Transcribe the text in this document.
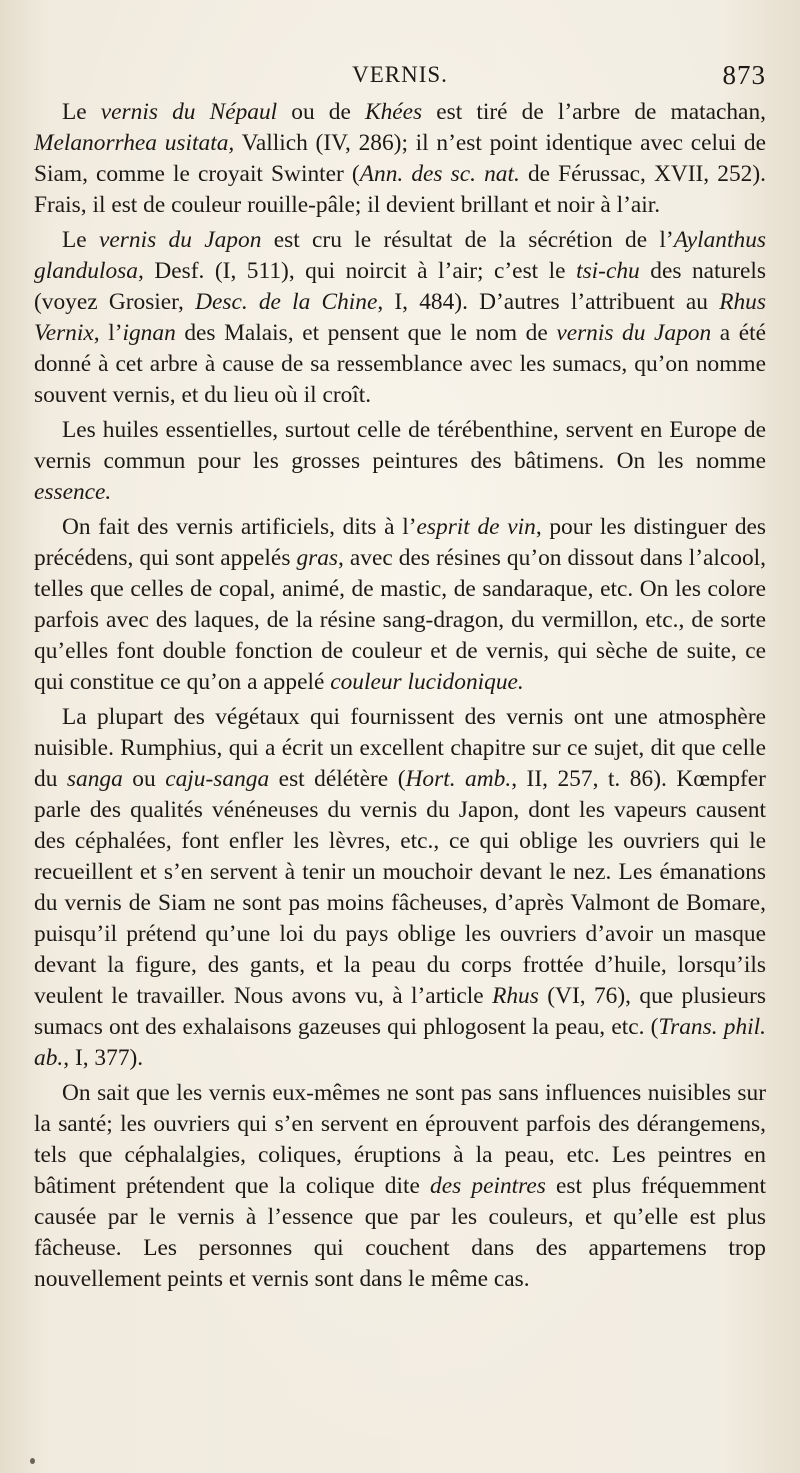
VERNIS.	873

Le vernis du Népaul ou de Khées est tiré de l’arbre de matachan, Melanorrhea usitata, Vallich (IV, 286); il n’est point identique avec celui de Siam, comme le croyait Swinter (Ann. des sc. nat. de Férussac, XVII, 252). Frais, il est de couleur rouille-pâle; il devient brillant et noir à l’air.

Le vernis du Japon est cru le résultat de la sécrétion de l’Aylanthus glandulosa, Desf. (I, 511), qui noircit à l’air; c’est le tsi-chu des naturels (voyez Grosier, Desc. de la Chine, I, 484). D’autres l’attribuent au Rhus Vernix, l’ignan des Malais, et pensent que le nom de vernis du Japon a été donné à cet arbre à cause de sa ressemblance avec les sumacs, qu’on nomme souvent vernis, et du lieu où il croît.

Les huiles essentielles, surtout celle de térébenthine, servent en Europe de vernis commun pour les grosses peintures des bâtimens. On les nomme essence.

On fait des vernis artificiels, dits à l’esprit de vin, pour les distinguer des précédens, qui sont appelés gras, avec des résines qu’on dissout dans l’alcool, telles que celles de copal, animé, de mastic, de sandaraque, etc. On les colore parfois avec des laques, de la résine sang-dragon, du vermillon, etc., de sorte qu’elles font double fonction de couleur et de vernis, qui sèche de suite, ce qui constitue ce qu’on a appelé couleur lucidonique.

La plupart des végétaux qui fournissent des vernis ont une atmosphère nuisible. Rumphius, qui a écrit un excellent chapitre sur ce sujet, dit que celle du sanga ou caju-sanga est délétère (Hort. amb., II, 257, t. 86). Kœmpfer parle des qualités vénéneuses du vernis du Japon, dont les vapeurs causent des céphalées, font enfler les lèvres, etc., ce qui oblige les ouvriers qui le recueillent et s’en servent à tenir un mouchoir devant le nez. Les émanations du vernis de Siam ne sont pas moins fâcheuses, d’après Valmont de Bomare, puisqu’il prétend qu’une loi du pays oblige les ouvriers d’avoir un masque devant la figure, des gants, et la peau du corps frottée d’huile, lorsqu’ils veulent le travailler. Nous avons vu, à l’article Rhus (VI, 76), que plusieurs sumacs ont des exhalaisons gazeuses qui phlogosent la peau, etc. (Trans. phil. ab., I, 377).

On sait que les vernis eux-mêmes ne sont pas sans influences nuisibles sur la santé; les ouvriers qui s’en servent en éprouvent parfois des dérangemens, tels que céphalalgies, coliques, éruptions à la peau, etc. Les peintres en bâtiment prétendent que la colique dite des peintres est plus fréquemment causée par le vernis à l’essence que par les couleurs, et qu’elle est plus fâcheuse. Les personnes qui couchent dans des appartemens trop nouvellement peints et vernis sont dans le même cas.
